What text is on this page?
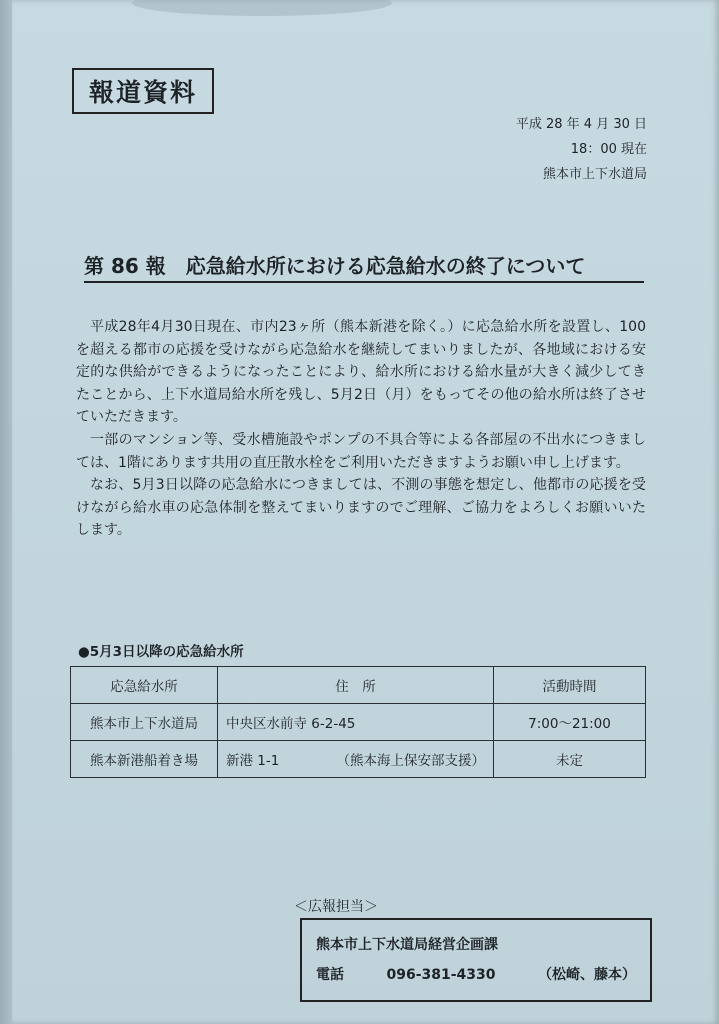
報道資料
平成 28 年 4 月 30 日
18：00 現在
熊本市上下水道局
第 86 報　応急給水所における応急給水の終了について

平成28年4月30日現在、市内23ヶ所（熊本新港を除く。）に応急給水所を設置し、100を超える都市の応援を受けながら応急給水を継続してまいりましたが、各地域における安定的な供給ができるようになったことにより、給水所における給水量が大きく減少してきたことから、上下水道局給水所を残し、5月2日（月）をもってその他の給水所は終了させていただきます。

一部のマンション等、受水槽施設やポンプの不具合等による各部屋の不出水につきましては、1階にあります共用の直圧散水栓をご利用いただきますようお願い申し上げます。

なお、5月3日以降の応急給水につきましては、不測の事態を想定し、他都市の応援を受けながら給水車の応急体制を整えてまいりますのでご理解、ご協力をよろしくお願いいたします。

●5月3日以降の応急給水所
応急給水所	住　所	活動時間
熊本市上下水道局	中央区水前寺 6-2-45	7:00〜21:00
熊本新港船着き場	新港 1-1 （熊本海上保安部支援）	未定
＜広報担当＞
熊本市上下水道局経営企画課
電話	096-381-4330	（松崎、藤本）
